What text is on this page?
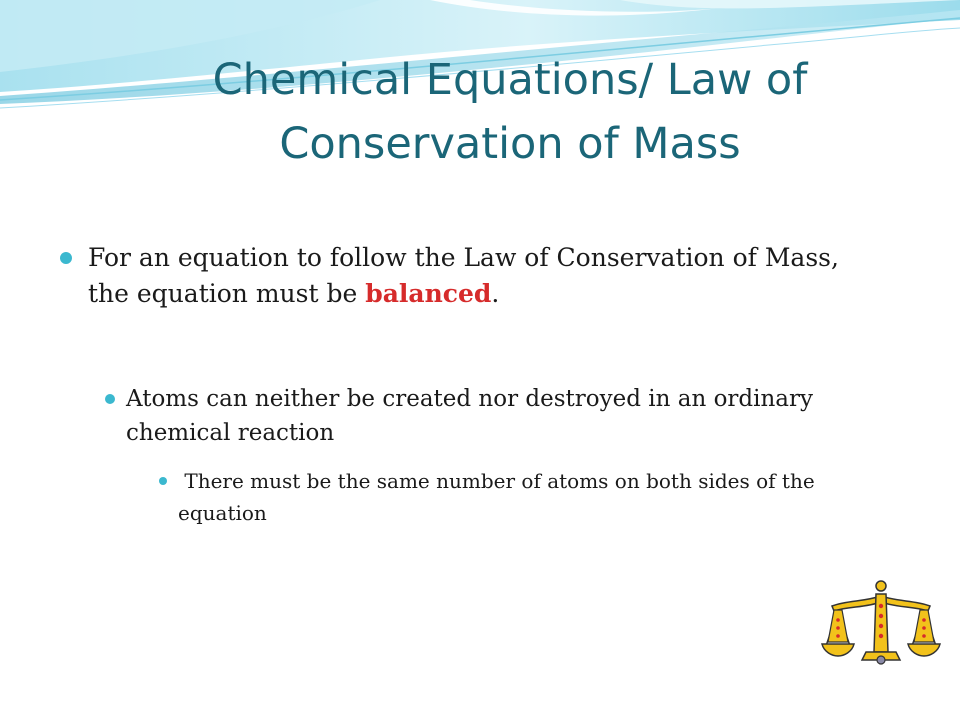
Chemical Equations/ Law of
Conservation of Mass
For an equation to follow the Law of Conservation of Mass, the equation must be balanced.
Atoms can neither be created nor destroyed in an ordinary chemical reaction
There must be the same number of atoms on both sides of the equation
